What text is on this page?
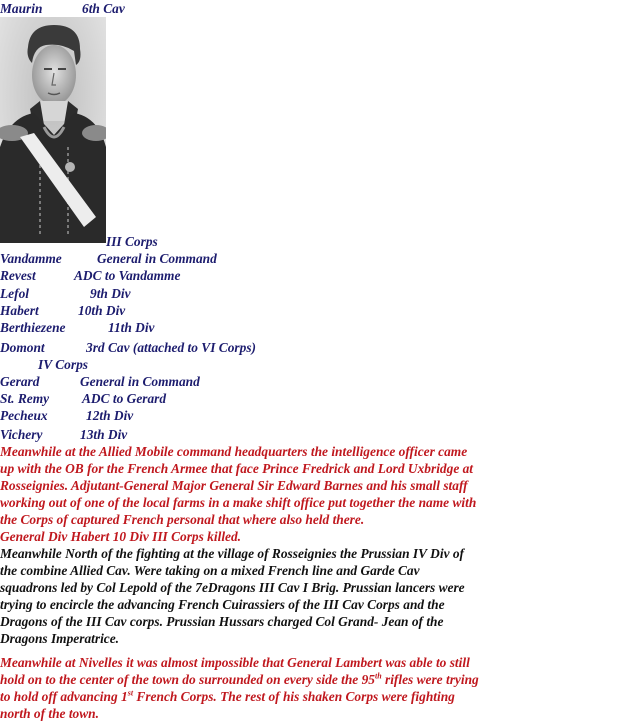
Maurin	6th Cav
III Corps
Vandamme	General in Command
Revest	ADC to Vandamme
Lefol	9th Div
Habert	10th Div
Berthiezene	11th Div
Domont	3rd Cav (attached to VI Corps)
IV Corps
Gerard	General in Command
St. Remy ADC to Gerard
Pecheux	12th Div
Vichery	13th Div
Meanwhile at the Allied Mobile command headquarters the intelligence officer came
up with the OB for the French Armee that face Prince Fredrick and Lord Uxbridge at
Rosseignies. Adjutant-General Major General Sir Edward Barnes and his small staff
working out of one of the local farms in a make shift office put together the name with
the Corps of captured French personal that where also held there.
General Div Habert 10 Div III Corps killed.
Meanwhile North of the fighting at the village of Rosseignies the Prussian IV Div of
the combine Allied Cav. Were taking on a mixed French line and Garde Cav
squadrons led by Col Lepold of the 7eDragons III Cav I Brig. Prussian lancers were
trying to encircle the advancing French Cuirassiers of the III Cav Corps and the
Dragons of the III Cav corps. Prussian Hussars charged Col Grand- Jean of the
Dragons Imperatrice.
Meanwhile at Nivelles it was almost impossible that General Lambert was able to still
hold on to the center of the town do surrounded on every side the 95th rifles were trying
to hold off advancing 1st French Corps. The rest of his shaken Corps were fighting
north of the town.
